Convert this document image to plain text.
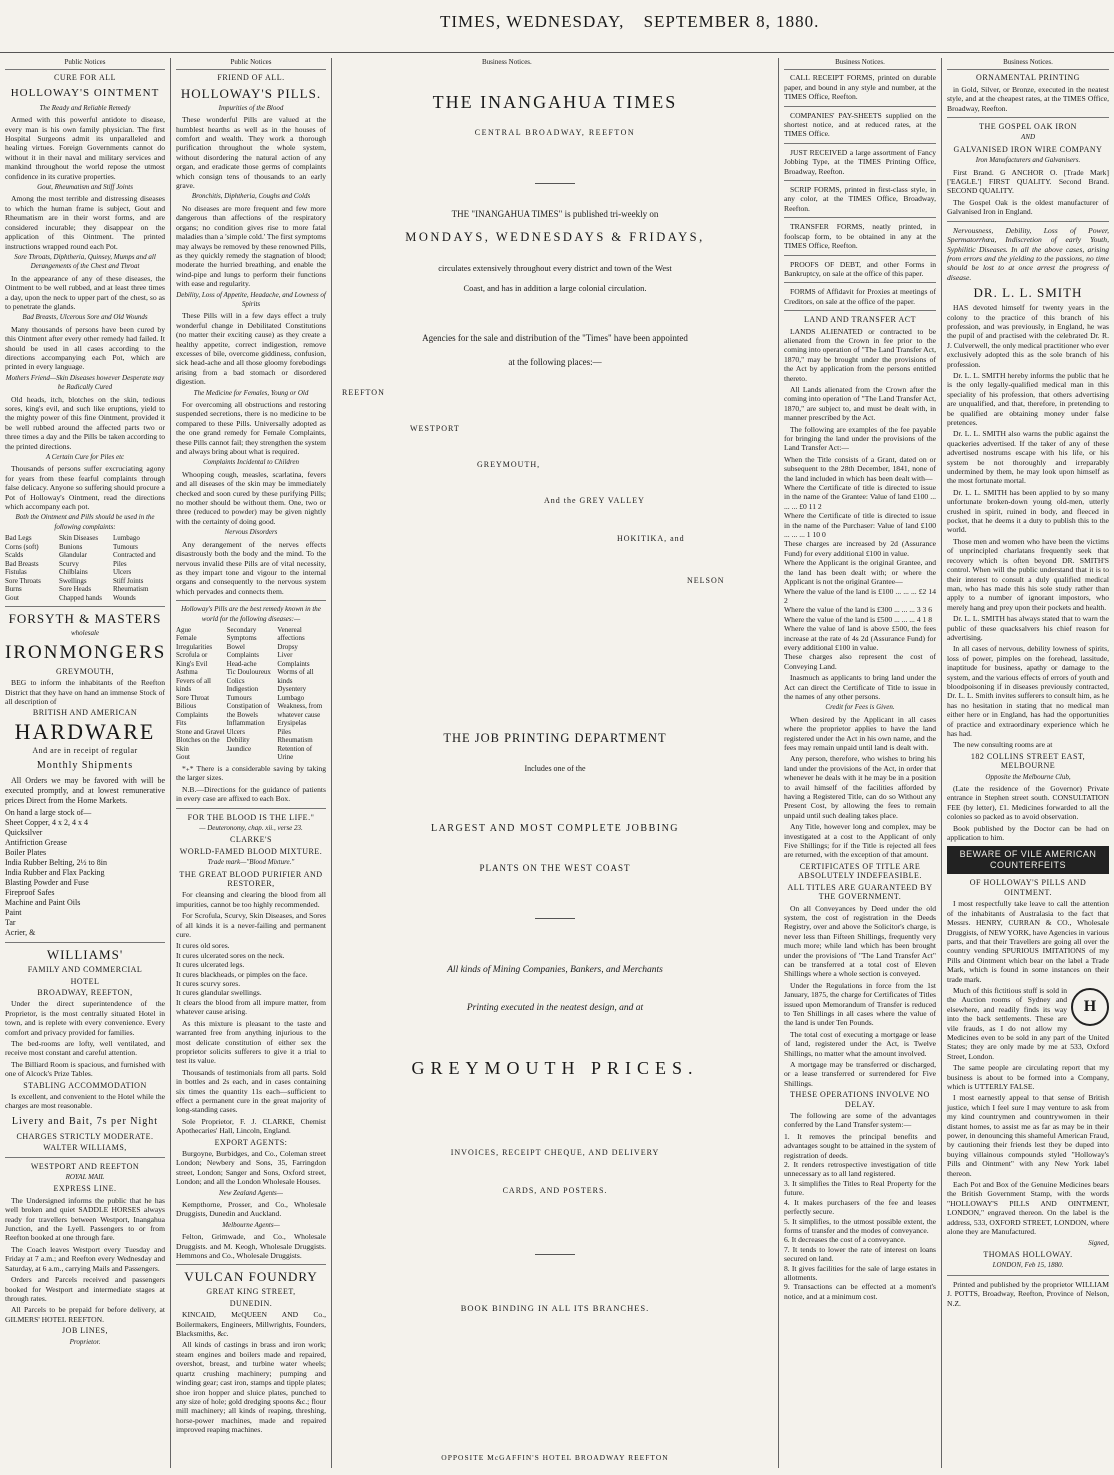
TIMES, WEDNESDAY, SEPTEMBER 8, 1880.
Public Notices
CURE FOR ALL
HOLLOWAY'S OINTMENT
The Ready and Reliable Remedy

Armed with this powerful antidote to disease, every man is his own family physician. The first Hospital Surgeons admit its unparalleled and healing virtues. Foreign Governments cannot do without it in their naval and military services and mankind throughout the world repose the utmost confidence in its curative properties.

Gout, Rheumatism and Stiff Joints

Among the most terrible and distressing diseases to which the human frame is subject, Gout and Rheumatism are in their worst forms, and are considered incurable; they disappear on the application of this Ointment. The printed instructions wrapped round each Pot.

Sore Throats, Diphtheria, Quinsey, Mumps and all Derangements of the Chest and Throat

In the appearance of any of these diseases, the Ointment to be well rubbed, and at least three times a day, upon the neck to upper part of the chest, so as to penetrate the glands.

Bad Breasts, Ulcerous Sore and Old Wounds

Many thousands of persons have been cured by this Ointment after every other remedy had failed. It should be used in all cases according to the directions accompanying each Pot, which are printed in every language.

Mothers Friend—Skin Diseases however Desperate may be Radically Cured

Old heads, itch, blotches on the skin, tedious sores, king's evil, and such like eruptions, yield to the mighty power of this fine Ointment, provided it be well rubbed around the affected parts two or three times a day and the Pills be taken according to the printed directions.

A Certain Cure for Piles etc

Thousands of persons suffer excruciating agony for years from these fearful complaints through false delicacy. Anyone so suffering should procure a Pot of Holloway's Ointment, read the directions which accompany each pot.

Both the Ointment and Pills should be used in the following complaints:
Bad Legs
Corns (soft)
Scalds
Bad Breasts
Fistulas
Sore Throats
Burns
Gout
Skin Diseases
Bunions
Glandular
Scurvy
Chilblains
Swellings
Sore Heads
Chapped hands
Lumbago
Tumours
Contracted and
Piles
Ulcers
Stiff Joints
Rheumatism
Wounds
FORSYTH & MASTERS
wholesale
IRONMONGERS
GREYMOUTH,

BEG to inform the inhabitants of the Reefton District that they have on hand an immense Stock of all description of

BRITISH AND AMERICAN
HARDWARE
And are in receipt of regular
Monthly Shipments

All Orders we may be favored with will be executed promptly, and at lowest remunerative prices Direct from the Home Markets.

On hand a large stock of—
Sheet Copper, 4 x 2, 4 x 4
Quicksilver
Antifriction Grease
Boiler Plates
India Rubber Belting, 2½ to 8in
India Rubber and Flax Packing
Blasting Powder and Fuse
Fireproof Safes
Machine and Paint Oils
Paint
Tar
Acrier, &
WILLIAMS'
FAMILY AND COMMERCIAL
HOTEL
BROADWAY, REEFTON,

Under the direct superintendence of the Proprietor, is the most centrally situated Hotel in town, and is replete with every convenience. Every comfort and privacy provided for families.

The bed-rooms are lofty, well ventilated, and receive most constant and careful attention.

The Billiard Room is spacious, and furnished with one of Alcock's Prize Tables.

STABLING ACCOMMODATION

Is excellent, and convenient to the Hotel while the charges are most reasonable.

Livery and Bait, 7s per Night
CHARGES STRICTLY MODERATE.
WALTER WILLIAMS,
WESTPORT AND REEFTON
ROYAL MAIL
EXPRESS LINE.

The Undersigned informs the public that he has well broken and quiet SADDLE HORSES always ready for travellers between Westport, Inangahua Junction, and the Lyell. Passengers to or from Reefton booked at one through fare.

The Coach leaves Westport every Tuesday and Friday at 7 a.m.; and Reefton every Wednesday and Saturday, at 6 a.m., carrying Mails and Passengers.

Orders and Parcels received and passengers booked for Westport and intermediate stages at through rates.

All Parcels to be prepaid for before delivery, at GILMERS' HOTEL REEFTON.

JOB LINES,
Proprietor.
Public Notices
FRIEND OF ALL.
HOLLOWAY'S PILLS.
Impurities of the Blood

These wonderful Pills are valued at the humblest hearths as well as in the houses of comfort and wealth. They work a thorough purification throughout the whole system, without disordering the natural action of any organ, and eradicate those germs of complaints which consign tens of thousands to an early grave.

Bronchitis, Diphtheria, Coughs and Colds

No diseases are more frequent and few more dangerous than affections of the respiratory organs; no condition gives rise to more fatal maladies than a 'simple cold.' The first symptoms may always be removed by these renowned Pills, as they quickly remedy the stagnation of blood; moderate the hurried breathing, and enable the wind-pipe and lungs to perform their functions with ease and regularity.

Debility, Loss of Appetite, Headache, and Lowness of Spirits

These Pills will in a few days effect a truly wonderful change in Debilitated Constitutions (no matter their exciting cause) as they create a healthy appetite, correct indigestion, remove excesses of bile, overcome giddiness, confusion, sick head-ache and all those gloomy forebodings arising from a bad stomach or disordered digestion.

The Medicine for Females, Young or Old

For overcoming all obstructions and restoring suspended secretions, there is no medicine to be compared to these Pills. Universally adopted as the one grand remedy for Female Complaints, these Pills cannot fail; they strengthen the system and always bring about what is required.

Complaints Incidental to Children

Whooping cough, measles, scarlatina, fevers and all diseases of the skin may be immediately checked and soon cured by these purifying Pills; no mother should be without them. One, two or three (reduced to powder) may be given nightly with the certainty of doing good.

Nervous Disorders

Any derangement of the nerves effects disastrously both the body and the mind. To the nervous invalid these Pills are of vital necessity, as they impart tone and vigour to the internal organs and consequently to the nervous system which pervades and connects them.

Holloway's Pills are the best remedy known in the world for the following diseases:—
Ague
Female Irregularities
Scrofula or King's Evil
Asthma
Fevers of all kinds
Sore Throat
Bilious Complaints
Fits
Stone and Gravel
Blotches on the Skin
Gout
Secondary Symptoms
Bowel Complaints
Head-ache
Tic Douloureux
Colics
Indigestion
Tumours
Constipation of the Bowels
Inflammation
Ulcers
Debility
Jaundice
Venereal affections
Dropsy
Liver Complaints
Worms of all kinds
Dysentery
Lumbago
Weakness, from whatever cause
Erysipelas
Piles
Rheumatism
Retention of Urine

*₊* There is a considerable saving by taking the larger sizes.

N.B.—Directions for the guidance of patients in every case are affixed to each Box.

FOR THE BLOOD IS THE LIFE."
— Deuteronomy, chap. xii., verse 23.
CLARKE'S
WORLD-FAMED BLOOD MIXTURE.
Trade mark—"Blood Mixture."
THE GREAT BLOOD PURIFIER AND RESTORER,

For cleansing and clearing the blood from all impurities, cannot be too highly recommended.

For Scrofula, Scurvy, Skin Diseases, and Sores of all kinds it is a never-failing and permanent cure.

It cures old sores.
It cures ulcerated sores on the neck.
It cures ulcerated legs.
It cures blackheads, or pimples on the face.
It cures scurvy sores.
It cures glandular swellings.
It clears the blood from all impure matter, from whatever cause arising.

As this mixture is pleasant to the taste and warranted free from anything injurious to the most delicate constitution of either sex the proprietor solicits sufferers to give it a trial to test its value.

Thousands of testimonials from all parts. Sold in bottles and 2s each, and in cases containing six times the quantity 11s each—sufficient to effect a permanent cure in the great majority of long-standing cases.

Sole Proprietor, F. J. CLARKE, Chemist Apothecaries' Hall, Lincoln, England.

EXPORT AGENTS:

Burgoyne, Burbidges, and Co., Coleman street London; Newbery and Sons, 35, Farringdon street, London; Sanger and Sons, Oxford street, London; and all the London Wholesale Houses.

New Zealand Agents—

Kempthorne, Prosser, and Co., Wholesale Druggists, Dunedin and Auckland.

Melbourne Agents—

Felton, Grimwade, and Co., Wholesale Druggists. and M. Keogh, Wholesale Druggists. Hemmons and Co., Wholesale Druggists.

VULCAN FOUNDRY
GREAT KING STREET,
DUNEDIN.

KINCAID, McQUEEN AND Co., Boilermakers, Engineers, Millwrights, Founders, Blacksmiths, &c.

All kinds of castings in brass and iron work; steam engines and boilers made and repaired, overshot, breast, and turbine water wheels; quartz crushing machinery; pumping and winding gear; cast iron, stamps and tipple plates; shoe iron hopper and sluice plates, punched to any size of hole; gold dredging spoons &c.; flour mill machinery; all kinds of reaping, threshing, horse-power machines, made and repaired improved reaping machines.

Business Notices.
THE INANGAHUA TIMES
CENTRAL BROADWAY, REEFTON
THE "INANGAHUA TIMES" is published tri-weekly on
MONDAYS, WEDNESDAYS & FRIDAYS,
circulates extensively throughout every district and town of the West
Coast, and has in addition a large colonial circulation.
Agencies for the sale and distribution of the "Times" have been appointed
at the following places:—
REEFTON
WESTPORT
GREYMOUTH,
And the GREY VALLEY
HOKITIKA, and
NELSON
THE JOB PRINTING DEPARTMENT
Includes one of the
LARGEST AND MOST COMPLETE JOBBING
PLANTS ON THE WEST COAST
All kinds of Mining Companies, Bankers, and Merchants
Printing executed in the neatest design, and at
GREYMOUTH PRICES.
INVOICES, RECEIPT CHEQUE, AND DELIVERY
CARDS, AND POSTERS.
BOOK BINDING IN ALL ITS BRANCHES.
OPPOSITE McGAFFIN'S HOTEL BROADWAY REEFTON
Business Notices.

CALL RECEIPT FORMS, printed on durable paper, and bound in any style and number, at the TIMES Office, Reefton.

COMPANIES' PAY-SHEETS supplied on the shortest notice, and at reduced rates, at the TIMES Office.

JUST RECEIVED a large assortment of Fancy Jobbing Type, at the TIMES Printing Office, Broadway, Reefton.

SCRIP FORMS, printed in first-class style, in any color, at the TIMES Office, Broadway, Reefton.

TRANSFER FORMS, neatly printed, in foolscap form, to be obtained in any at the TIMES Office, Reefton.

PROOFS OF DEBT, and other Forms in Bankruptcy, on sale at the office of this paper.

FORMS of Affidavit for Proxies at meetings of Creditors, on sale at the office of the paper.

LAND AND TRANSFER ACT

LANDS ALIENATED or contracted to be alienated from the Crown in fee prior to the coming into operation of "The Land Transfer Act, 1870," may be brought under the provisions of the Act by application from the persons entitled thereto.

All Lands alienated from the Crown after the coming into operation of "The Land Transfer Act, 1870," are subject to, and must be dealt with, in manner prescribed by the Act.

The following are examples of the fee payable for bringing the land under the provisions of the Land Transfer Act:—

When the Title consists of a Grant, dated on or subsequent to the 28th December, 1841, none of the land included in which has been dealt with—
Where the Certificate of title is directed to issue in the name of the Grantee: Value of land £100 ... ... ... £0 11 2
Where the Certificate of title is directed to issue in the name of the Purchaser: Value of land £100 ... ... ... 1 10 0
These charges are increased by 2d (Assurance Fund) for every additional £100 in value.
Where the Applicant is the original Grantee, and the land has been dealt with; or where the Applicant is not the original Grantee—
Where the value of the land is £100 ... ... ... £2 14 2
Where the value of the land is £300 ... ... ... 3 3 6
Where the value of the land is £500 ... ... ... 4 1 8
Where the value of land is above £500, the fees increase at the rate of 4s 2d (Assurance Fund) for every additional £100 in value.
These charges also represent the cost of Conveying Land.

Inasmuch as applicants to bring land under the Act can direct the Certificate of Title to issue in the names of any other persons.

Credit for Fees is Given.

When desired by the Applicant in all cases where the proprietor applies to have the land registered under the Act in his own name, and the fees may remain unpaid until land is dealt with.

Any person, therefore, who wishes to bring his land under the provisions of the Act, in order that whenever he deals with it he may be in a position to avail himself of the facilities afforded by having a Registered Title, can do so Without any Present Cost, by allowing the fees to remain unpaid until such dealing takes place.

Any Title, however long and complex, may be investigated at a cost to the Applicant of only Five Shillings; for if the Title is rejected all fees are returned, with the exception of that amount.

CERTIFICATES OF TITLE ARE ABSOLUTELY INDEFEASIBLE.
ALL TITLES ARE GUARANTEED BY THE GOVERNMENT.

On all Conveyances by Deed under the old system, the cost of registration in the Deeds Registry, over and above the Solicitor's charge, is never less than Fifteen Shillings, frequently very much more; while land which has been brought under the provisions of "The Land Transfer Act" can be transferred at a total cost of Eleven Shillings where a whole section is conveyed.

Under the Regulations in force from the 1st January, 1875, the charge for Certificates of Titles issued upon Memorandum of Transfer is reduced to Ten Shillings in all cases where the value of the land is under Ten Pounds.

The total cost of executing a mortgage or lease of land, registered under the Act, is Twelve Shillings, no matter what the amount involved.

A mortgage may be transferred or discharged, or a lease transferred or surrendered for Five Shillings.

THESE OPERATIONS INVOLVE NO DELAY.

The following are some of the advantages conferred by the Land Transfer system:—

1. It removes the principal benefits and advantages sought to be attained in the system of registration of deeds.
2. It renders retrospective investigation of title unnecessary as to all land registered.
3. It simplifies the Titles to Real Property for the future.
4. It makes purchasers of the fee and leases perfectly secure.
5. It simplifies, to the utmost possible extent, the forms of transfer and the modes of conveyance.
6. It decreases the cost of a conveyance.
7. It tends to lower the rate of interest on loans secured on land.
8. It gives facilities for the sale of large estates in allotments.
9. Transactions can be effected at a moment's notice, and at a minimum cost.
Business Notices.
ORNAMENTAL PRINTING

in Gold, Silver, or Bronze, executed in the neatest style, and at the cheapest rates, at the TIMES Office, Broadway, Reefton.

THE GOSPEL OAK IRON
AND
GALVANISED IRON WIRE COMPANY
Iron Manufacturers and Galvanisers.

First Brand. G ANCHOR O. [Trade Mark] ['EAGLE.'] FIRST QUALITY. Second Brand. SECOND QUALITY.

The Gospel Oak is the oldest manufacturer of Galvanised Iron in England.

Nervousness, Debility, Loss of Power, Spermatorrhœa, Indiscretion of early Youth, Syphilitic Diseases. In all the above cases, arising from errors and the yielding to the passions, no time should be lost to at once arrest the progress of disease.

DR. L. L. SMITH

HAS devoted himself for twenty years in the colony to the practice of this branch of his profession, and was previously, in England, he was the pupil of and practised with the celebrated Dr. R. J. Culverwell, the only medical practitioner who ever exclusively adopted this as the sole branch of his profession.

Dr. L. L. SMITH hereby informs the public that he is the only legally-qualified medical man in this speciality of his profession, that others advertising are unqualified, and that, therefore, in pretending to be qualified are obtaining money under false pretences.

Dr. L. L. SMITH also warns the public against the quackeries advertised. If the taker of any of these advertised nostrums escape with his life, or his system be not thoroughly and irreparably undermined by them, he may look upon himself as the most fortunate mortal.

Dr. L. L. SMITH has been applied to by so many unfortunate broken-down young old-men, utterly crushed in spirit, ruined in body, and fleeced in pocket, that he deems it a duty to publish this to the world.

Those men and women who have been the victims of unprincipled charlatans frequently seek that recovery which is often beyond DR. SMITH'S control. When will the public understand that it is to their interest to consult a duly qualified medical man, who has made this his sole study rather than apply to a number of ignorant impostors, who merely hang and prey upon their pockets and health.

Dr. L. L. SMITH has always stated that to warn the public of these quacksalvers his chief reason for advertising.

In all cases of nervous, debility lowness of spirits, loss of power, pimples on the forehead, lassitude, inaptitude for business, apathy or damage to the system, and the various effects of errors of youth and bloodpoisoning if in diseases previously contracted, Dr. L. L. Smith invites sufferers to consult him, as he has no hesitation in stating that no medical man either here or in England, has had the opportunities of practice and extraordinary experience which he has had.

The new consulting rooms are at

182 COLLINS STREET EAST, MELBOURNE
Opposite the Melbourne Club,

(Late the residence of the Governor) Private entrance in Stephen street south. CONSULTATION FEE (by letter), £1. Medicines forwarded to all the colonies so packed as to avoid observation.

Book published by the Doctor can be had on application to him.

BEWARE OF VILE AMERICAN COUNTERFEITS
OF HOLLOWAY'S PILLS AND OINTMENT.

I most respectfully take leave to call the attention of the inhabitants of Australasia to the fact that Messrs. HENRY, CURRAN & CO., Wholesale Druggists, of NEW YORK, have Agencies in various parts, and that their Travellers are going all over the country vending SPURIOUS IMITATIONS of my Pills and Ointment which bear on the label a Trade Mark, which is found in some instances on their trade mark.

H

Much of this fictitious stuff is sold in the Auction rooms of Sydney and elsewhere, and readily finds its way into the back settlements. These are vile frauds, as I do not allow my Medicines even to be sold in any part of the United States; they are only made by me at 533, Oxford Street, London.

The same people are circulating report that my business is about to be formed into a Company, which is UTTERLY FALSE.

I most earnestly appeal to that sense of British justice, which I feel sure I may venture to ask from my kind countrymen and countrywomen in their distant homes, to assist me as far as may be in their power, in denouncing this shameful American Fraud, by cautioning their friends lest they be duped into buying villainous compounds styled "Holloway's Pills and Ointment" with any New York label thereon.

Each Pot and Box of the Genuine Medicines bears the British Government Stamp, with the words "HOLLOWAY'S PILLS AND OINTMENT, LONDON," engraved thereon. On the label is the address, 533, OXFORD STREET, LONDON, where alone they are Manufactured.

Signed,
THOMAS HOLLOWAY.
LONDON, Feb 15, 1880.

Printed and published by the proprietor WILLIAM J. POTTS, Broadway, Reefton, Province of Nelson, N.Z.
